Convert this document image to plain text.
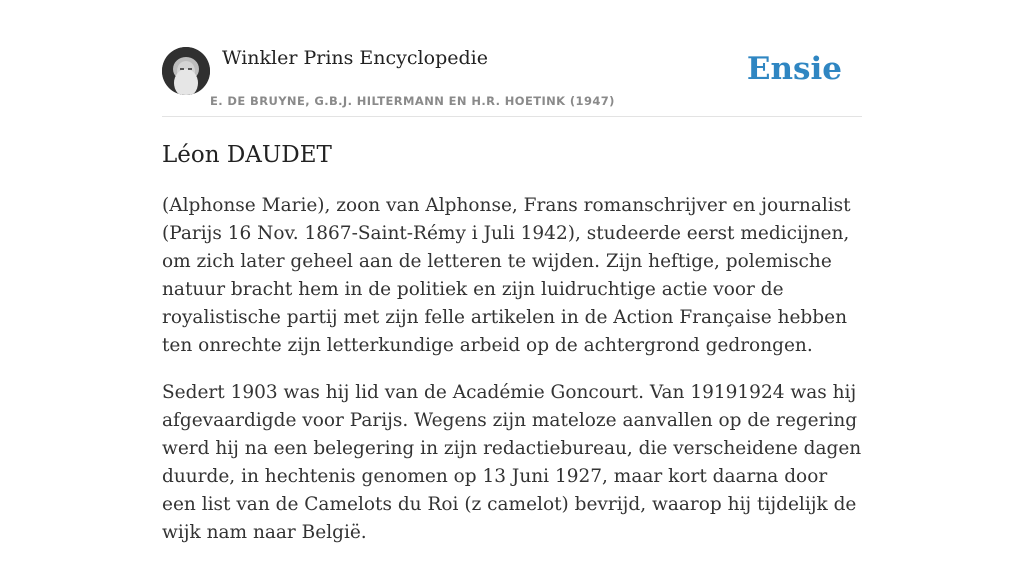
Winkler Prins Encyclopedie
E. DE BRUYNE, G.B.J. HILTERMANN EN H.R. HOETINK (1947)
Ensie
Léon DAUDET

(Alphonse Marie), zoon van Alphonse, Frans romanschrijver en journalist (Parijs 16 Nov. 1867-Saint-Rémy i Juli 1942), studeerde eerst medicijnen, om zich later geheel aan de letteren te wijden. Zijn heftige, polemische natuur bracht hem in de politiek en zijn luidruchtige actie voor de royalistische partij met zijn felle artikelen in de Action Française hebben ten onrechte zijn letterkundige arbeid op de achtergrond gedrongen.

Sedert 1903 was hij lid van de Académie Goncourt. Van 19191924 was hij afgevaardigde voor Parijs. Wegens zijn mateloze aanvallen op de regering werd hij na een belegering in zijn redactiebureau, die verscheidene dagen duurde, in hechtenis genomen op 13 Juni 1927, maar kort daarna door een list van de Camelots du Roi (z camelot) bevrijd, waarop hij tijdelijk de wijk nam naar België.
